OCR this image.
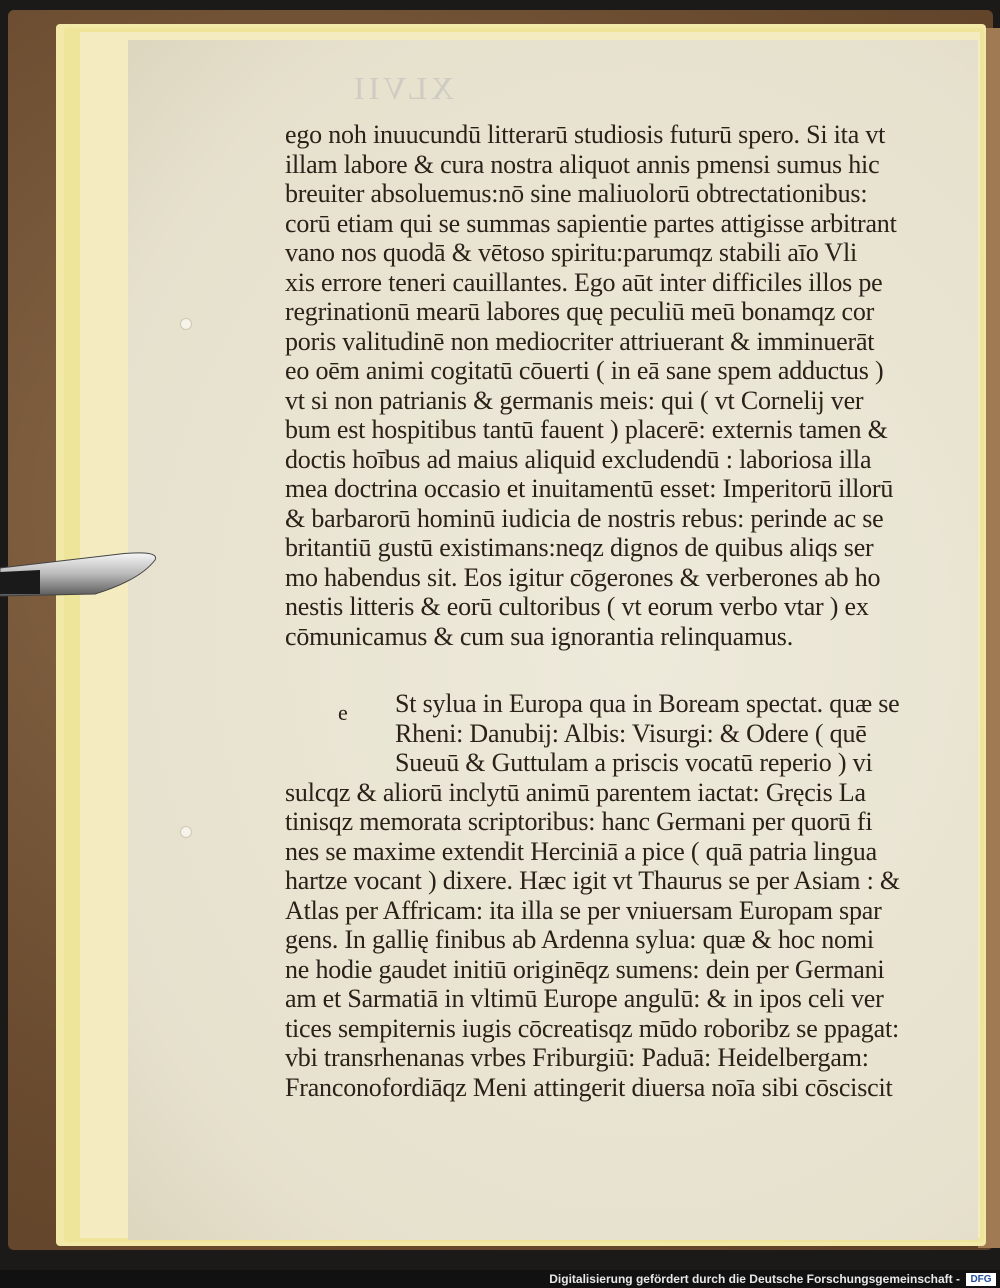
XLVII
e
ego noh inuucundū litterarū studiosis futurū spero. Si ita vt
illam labore & cura nostra aliquot annis pmensi sumus hic
breuiter absoluemus:nō sine maliuolorū obtrectationibus:
corū etiam qui se summas sapientie partes attigisse arbitrant
vano nos quodā & vētoso spiritu:parumqz stabili aīo Vli
xis errore teneri cauillantes. Ego aūt inter difficiles illos pe
regrinationū mearū labores quę peculiū meū bonamqz cor
poris valitudinē non mediocriter attriuerant & imminuerāt
eo oēm animi cogitatū cōuerti ( in eā sane spem adductus )
vt si non patrianis & germanis meis: qui ( vt Cornelij ver
bum est hospitibus tantū fauent ) placerē: externis tamen &
doctis hoībus ad maius aliquid excludendū : laboriosa illa
mea doctrina occasio et inuitamentū esset: Imperitorū illorū
& barbarorū hominū iudicia de nostris rebus: perinde ac se
britantiū gustū existimans:neqz dignos de quibus aliqs ser
mo habendus sit. Eos igitur cōgerones & verberones ab ho
nestis litteris & eorū cultoribus ( vt eorum verbo vtar ) ex
cōmunicamus & cum sua ignorantia relinquamus.
St sylua in Europa qua in Boream spectat. quæ se
Rheni: Danubij: Albis: Visurgi: & Odere ( quē
Sueuū & Guttulam a priscis vocatū reperio ) vi
sulcqz & aliorū inclytū animū parentem iactat: Gręcis La
tinisqz memorata scriptoribus: hanc Germani per quorū fi
nes se maxime extendit Herciniā a pice ( quā patria lingua
hartze vocant ) dixere. Hæc igit vt Thaurus se per Asiam : &
Atlas per Affricam: ita illa se per vniuersam Europam spar
gens. In gallię finibus ab Ardenna sylua: quæ & hoc nomi
ne hodie gaudet initiū originēqz sumens: dein per Germani
am et Sarmatiā in vltimū Europe angulū: & in ipos celi ver
tices sempiternis iugis cōcreatisqz mūdo roboribz se ppagat:
vbi transrhenanas vrbes Friburgiū: Paduā: Heidelbergam:
Franconofordiāqz Meni attingerit diuersa noīa sibi cōsciscit
Digitalisierung gefördert durch die Deutsche Forschungsgemeinschaft -	DFG
